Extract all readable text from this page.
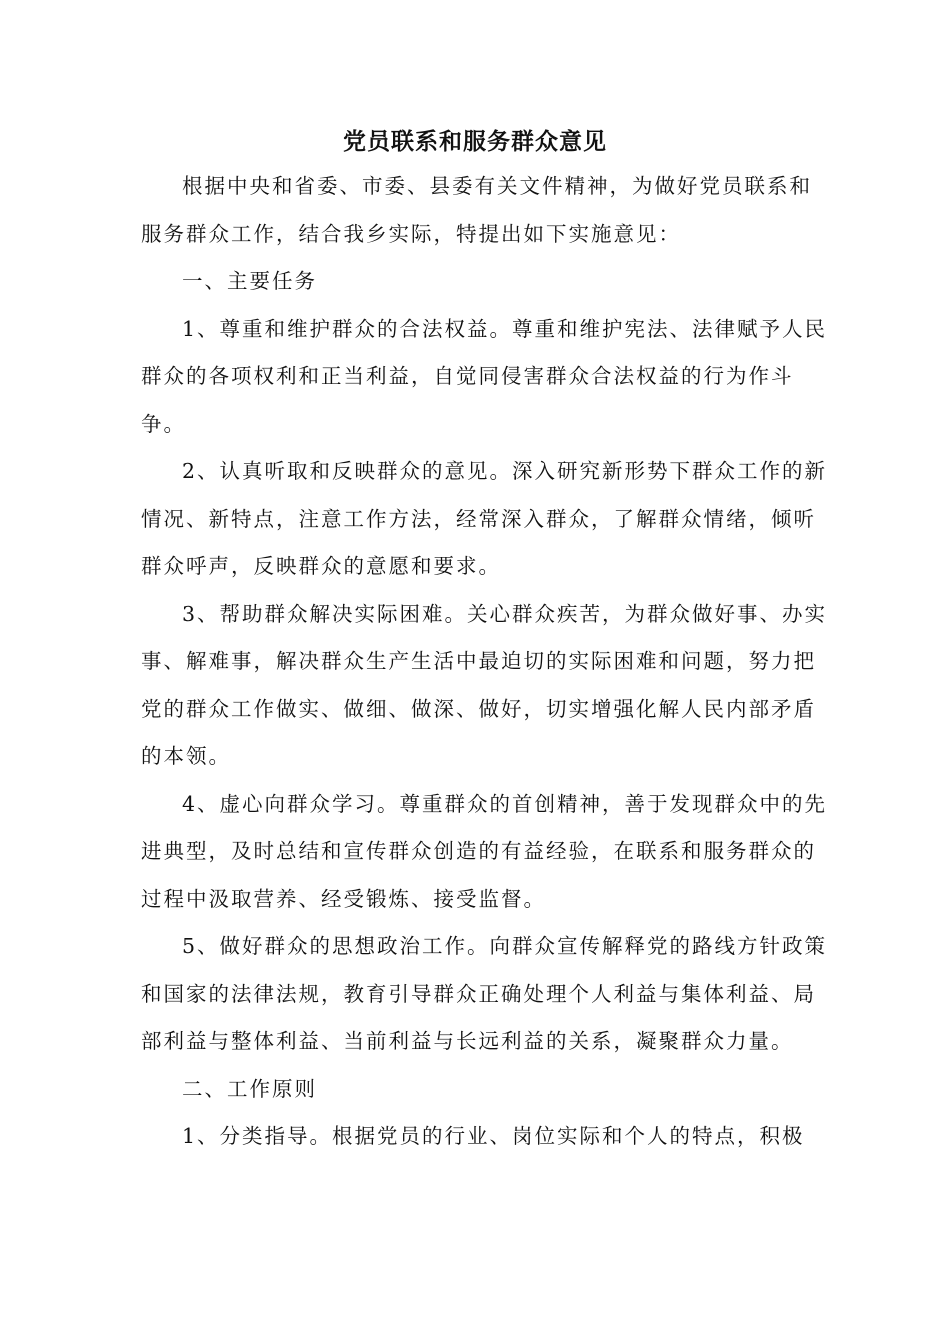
党员联系和服务群众意见

根据中央和省委、市委、县委有关文件精神，为做好党员联系和服务群众工作，结合我乡实际，特提出如下实施意见：

一、主要任务

1、尊重和维护群众的合法权益。尊重和维护宪法、法律赋予人民群众的各项权利和正当利益，自觉同侵害群众合法权益的行为作斗争。

2、认真听取和反映群众的意见。深入研究新形势下群众工作的新情况、新特点，注意工作方法，经常深入群众，了解群众情绪，倾听群众呼声，反映群众的意愿和要求。

3、帮助群众解决实际困难。关心群众疾苦，为群众做好事、办实事、解难事，解决群众生产生活中最迫切的实际困难和问题，努力把党的群众工作做实、做细、做深、做好，切实增强化解人民内部矛盾的本领。

4、虚心向群众学习。尊重群众的首创精神，善于发现群众中的先进典型，及时总结和宣传群众创造的有益经验，在联系和服务群众的过程中汲取营养、经受锻炼、接受监督。

5、做好群众的思想政治工作。向群众宣传解释党的路线方针政策和国家的法律法规，教育引导群众正确处理个人利益与集体利益、局部利益与整体利益、当前利益与长远利益的关系，凝聚群众力量。

二、工作原则

1、分类指导。根据党员的行业、岗位实际和个人的特点，积极
